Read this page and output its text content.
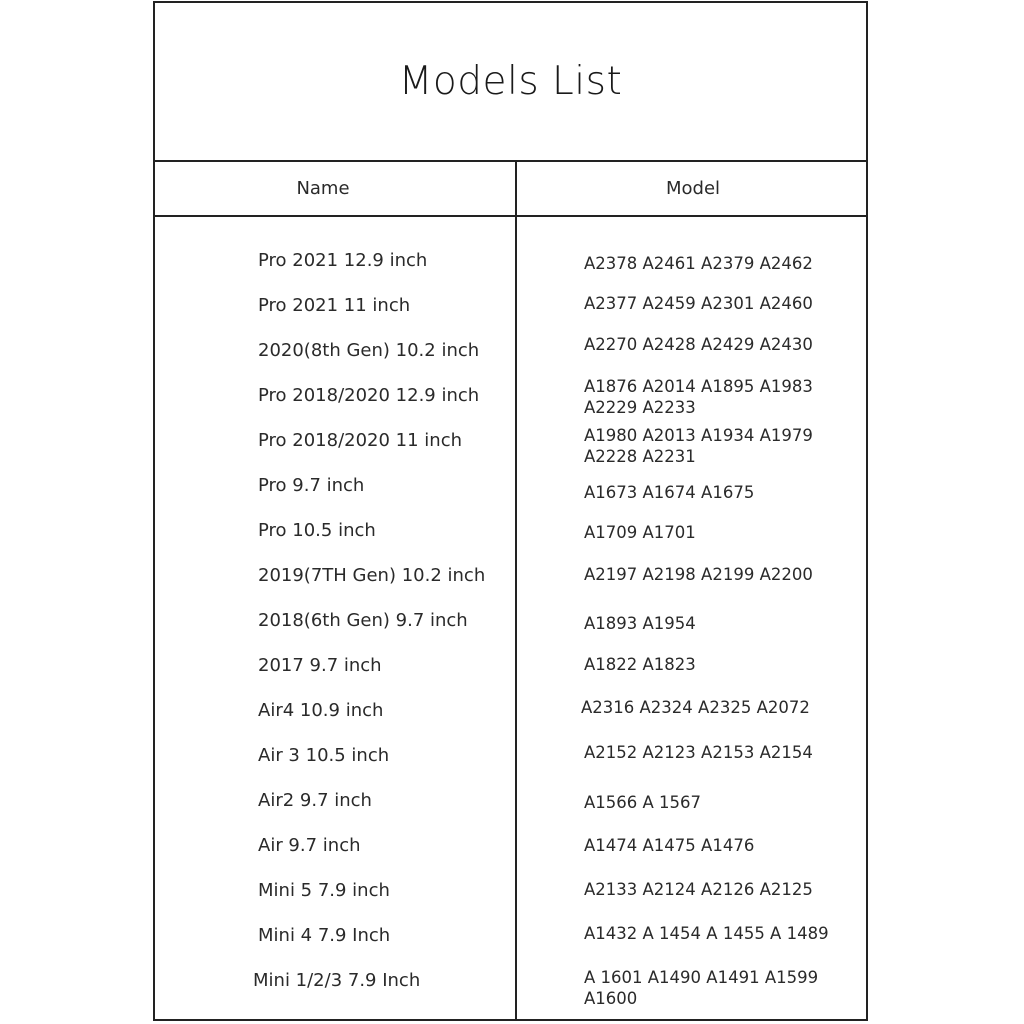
Models List
Name	Model
Pro 2021 12.9 inch	A2378 A2461 A2379 A2462
Pro 2021 11 inch	A2377 A2459 A2301 A2460
2020(8th Gen) 10.2 inch	A2270 A2428 A2429 A2430
Pro 2018/2020 12.9 inch	A1876 A2014 A1895 A1983 A2229 A2233
Pro 2018/2020 11 inch	A1980 A2013 A1934 A1979 A2228 A2231
Pro 9.7 inch	A1673 A1674 A1675
Pro 10.5 inch	A1709 A1701
2019(7TH Gen) 10.2 inch	A2197 A2198 A2199 A2200
2018(6th Gen) 9.7 inch	A1893 A1954
2017 9.7 inch	A1822 A1823
Air4 10.9 inch	A2316 A2324 A2325 A2072
Air 3 10.5 inch	A2152 A2123 A2153 A2154
Air2 9.7 inch	A1566 A 1567
Air 9.7 inch	A1474 A1475 A1476
Mini 5 7.9 inch	A2133 A2124 A2126 A2125
Mini 4 7.9 Inch	A1432 A 1454 A 1455 A 1489
Mini 1/2/3 7.9 Inch	A 1601 A1490 A1491 A1599 A1600
